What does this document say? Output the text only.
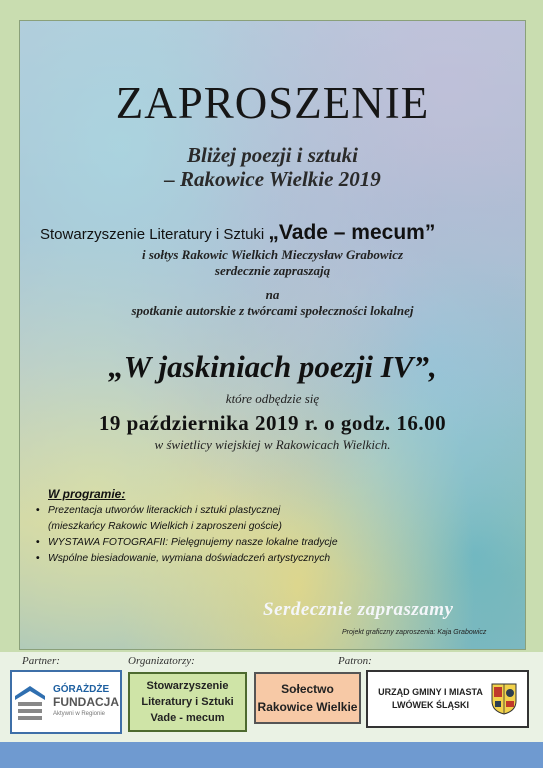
ZAPROSZENIE
Bliżej poezji i sztuki
– Rakowice Wielkie 2019
Stowarzyszenie Literatury i Sztuki „Vade – mecum”
i sołtys Rakowic Wielkich Mieczysław Grabowicz
serdecznie zapraszają
na
spotkanie autorskie z twórcami społeczności lokalnej
„W jaskiniach poezji IV”,
które odbędzie się
19 października 2019 r. o godz. 16.00
w świetlicy wiejskiej w Rakowicach Wielkich.
W programie:
• Prezentacja utworów literackich i sztuki plastycznej
(mieszkańcy Rakowic Wielkich i zaproszeni goście)
• WYSTAWA FOTOGRAFII: Pielęgnujemy nasze lokalne tradycje
• Wspólne biesiadowanie, wymiana doświadczeń artystycznych
Serdecznie zapraszamy
Projekt graficzny zaproszenia: Kaja Grabowicz
Partner:	Organizatorzy:	Patron:
GÓRAŻDŻE
FUNDACJA
Aktywni w Regionie
Stowarzyszenie
Literatury i Sztuki
Vade - mecum
Sołectwo
Rakowice Wielkie
URZĄD GMINY I MIASTA
LWÓWEK ŚLĄSKI
